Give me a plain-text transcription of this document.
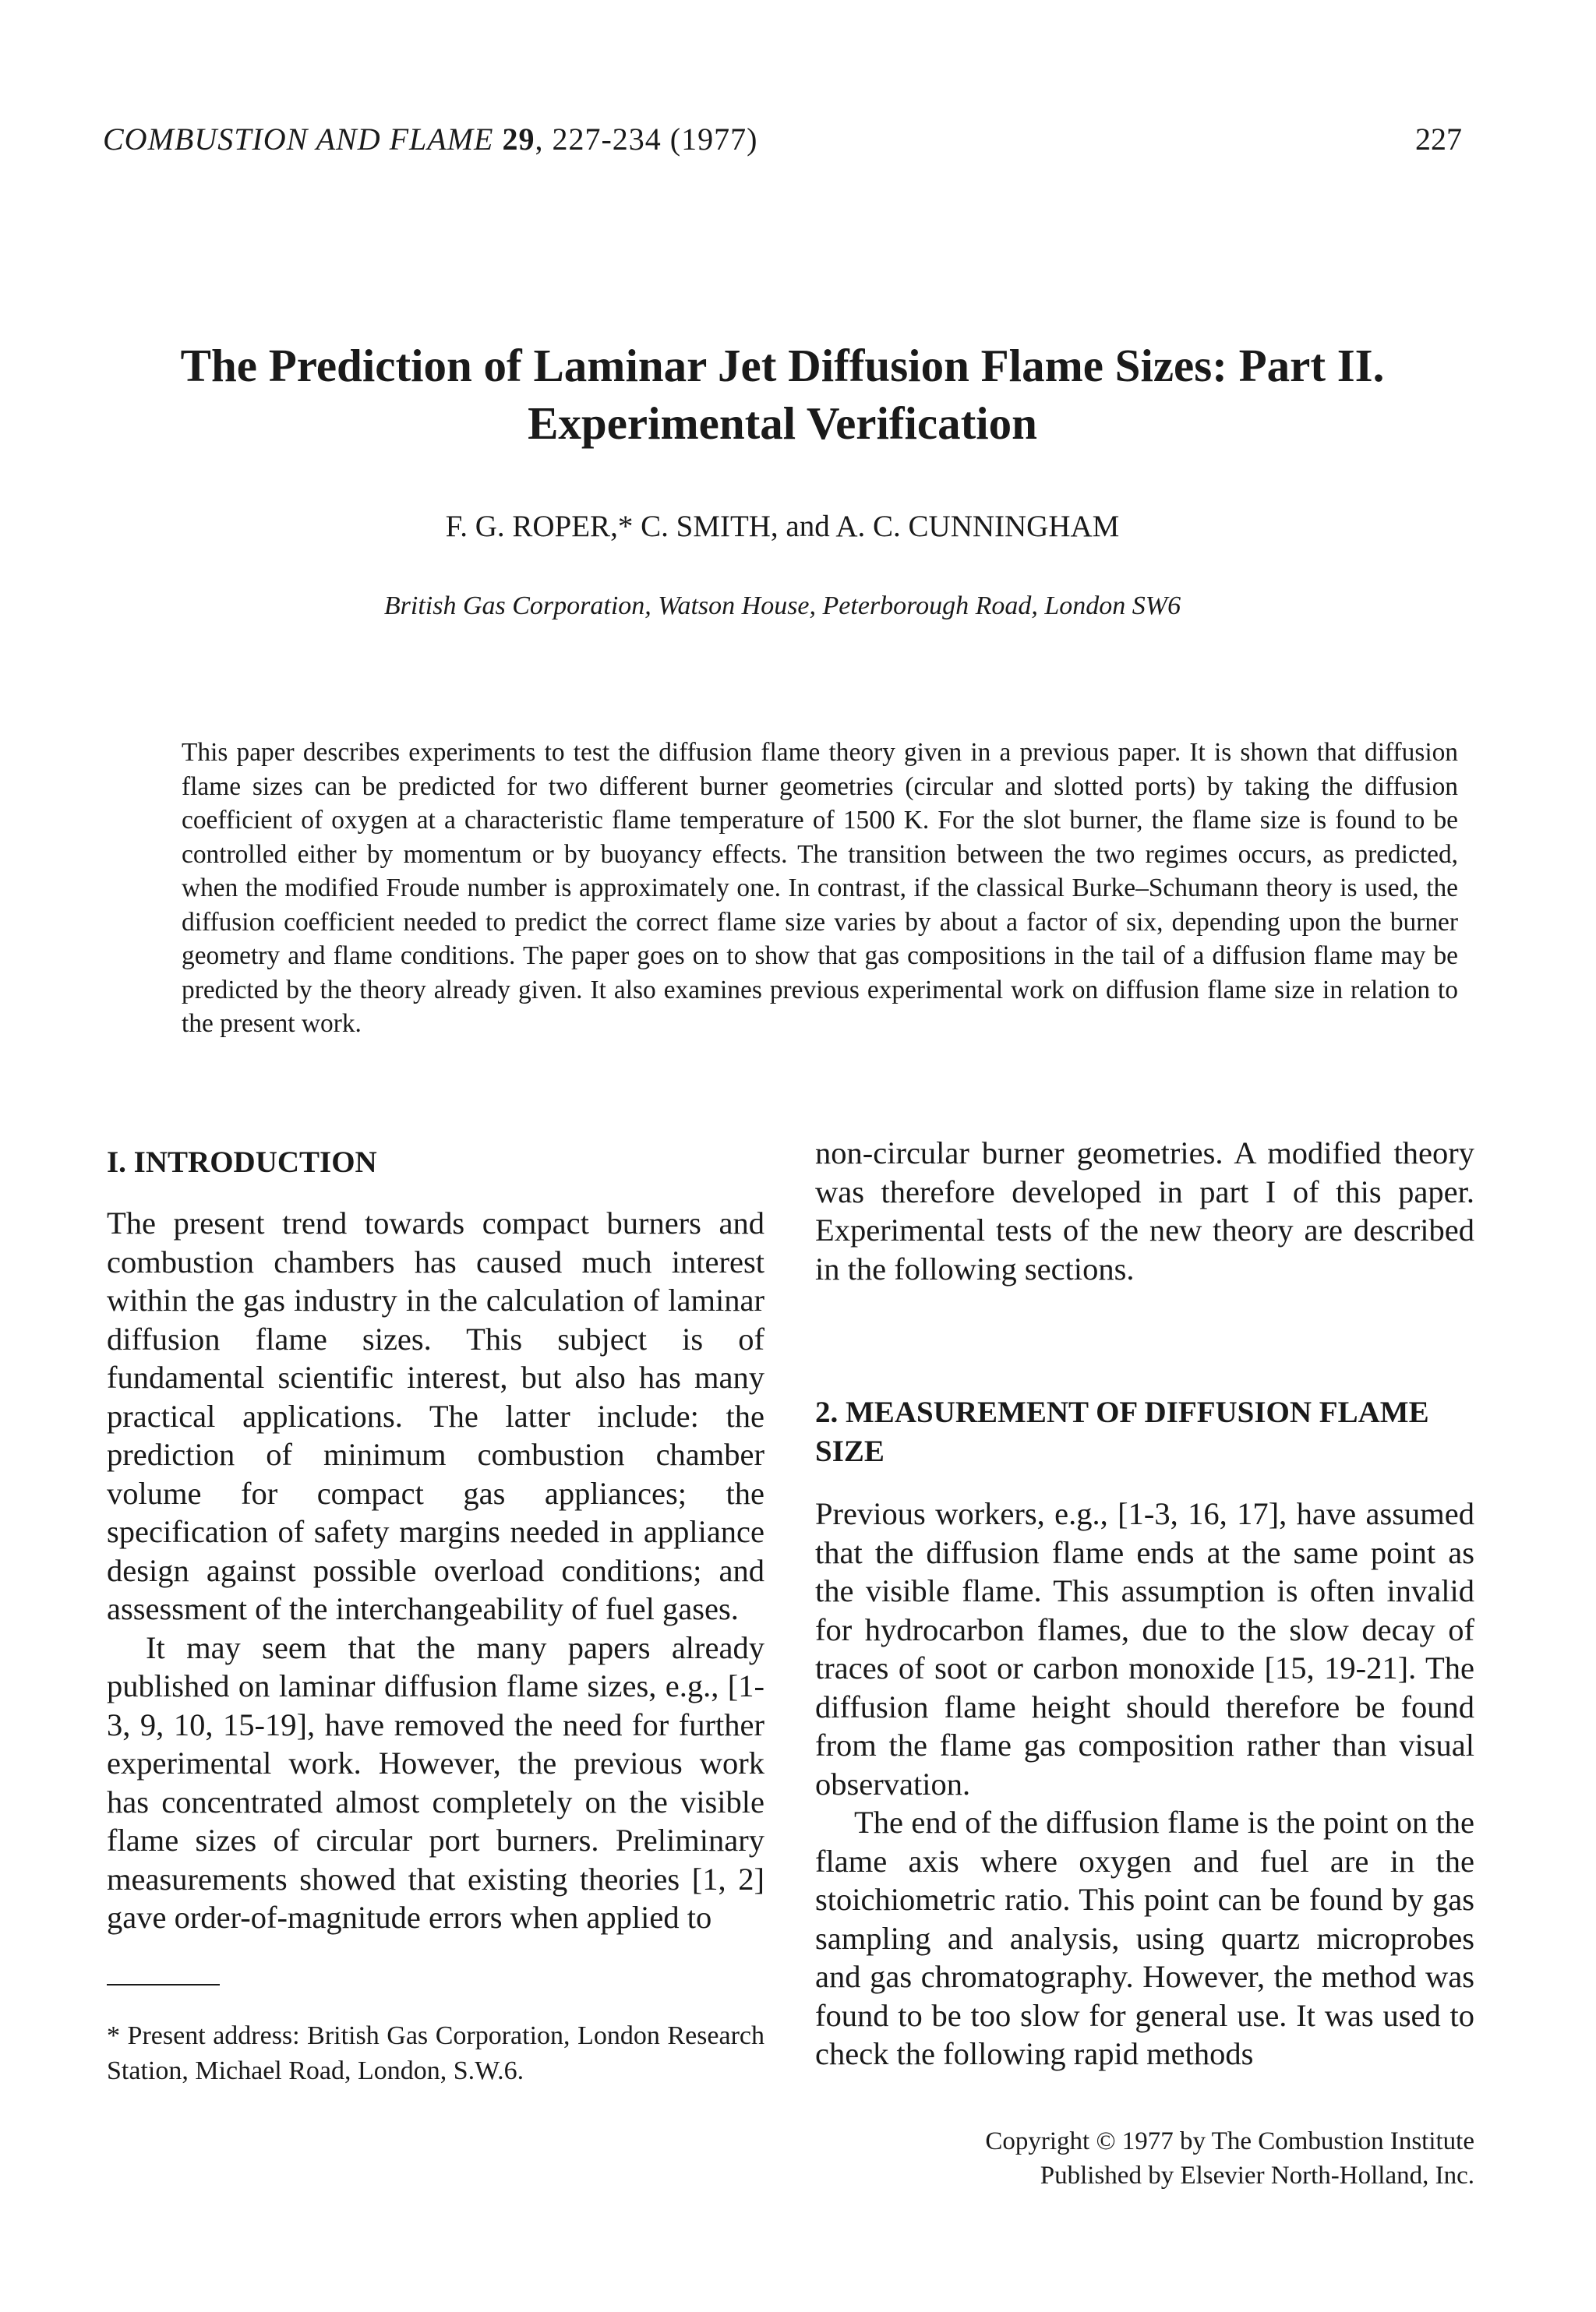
COMBUSTION AND FLAME 29, 227-234 (1977)	227
The Prediction of Laminar Jet Diffusion Flame Sizes: Part II.
Experimental Verification

F. G. ROPER,* C. SMITH, and A. C. CUNNINGHAM

British Gas Corporation, Watson House, Peterborough Road, London SW6

This paper describes experiments to test the diffusion flame theory given in a previous paper. It is shown that diffusion flame sizes can be predicted for two different burner geometries (circular and slotted ports) by taking the diffusion coefficient of oxygen at a characteristic flame temperature of 1500 K. For the slot burner, the flame size is found to be controlled either by momentum or by buoyancy effects. The transition between the two regimes occurs, as predicted, when the modified Froude number is approximately one. In contrast, if the classical Burke–Schumann theory is used, the diffusion coefficient needed to predict the correct flame size varies by about a factor of six, depending upon the burner geometry and flame conditions. The paper goes on to show that gas compositions in the tail of a diffusion flame may be predicted by the theory already given. It also examines previous experimental work on diffusion flame size in relation to the present work.

I. INTRODUCTION

The present trend towards compact burners and combustion chambers has caused much interest within the gas industry in the calculation of laminar diffusion flame sizes. This subject is of fundamental scientific interest, but also has many practical applications. The latter include: the prediction of minimum combustion chamber volume for compact gas appliances; the specification of safety margins needed in appliance design against possible overload conditions; and assessment of the interchangeability of fuel gases.

It may seem that the many papers already published on laminar diffusion flame sizes, e.g., [1-3, 9, 10, 15-19], have removed the need for further experimental work. However, the previous work has concentrated almost completely on the visible flame sizes of circular port burners. Preliminary measurements showed that existing theories [1, 2] gave order-of-magnitude errors when applied to

* Present address: British Gas Corporation, London Research Station, Michael Road, London, S.W.6.

non-circular burner geometries. A modified theory was therefore developed in part I of this paper. Experimental tests of the new theory are described in the following sections.

2. MEASUREMENT OF DIFFUSION FLAME SIZE

Previous workers, e.g., [1-3, 16, 17], have assumed that the diffusion flame ends at the same point as the visible flame. This assumption is often invalid for hydrocarbon flames, due to the slow decay of traces of soot or carbon monoxide [15, 19-21]. The diffusion flame height should therefore be found from the flame gas composition rather than visual observation.

The end of the diffusion flame is the point on the flame axis where oxygen and fuel are in the stoichiometric ratio. This point can be found by gas sampling and analysis, using quartz microprobes and gas chromatography. However, the method was found to be too slow for general use. It was used to check the following rapid methods

Copyright © 1977 by The Combustion Institute
Published by Elsevier North-Holland, Inc.
